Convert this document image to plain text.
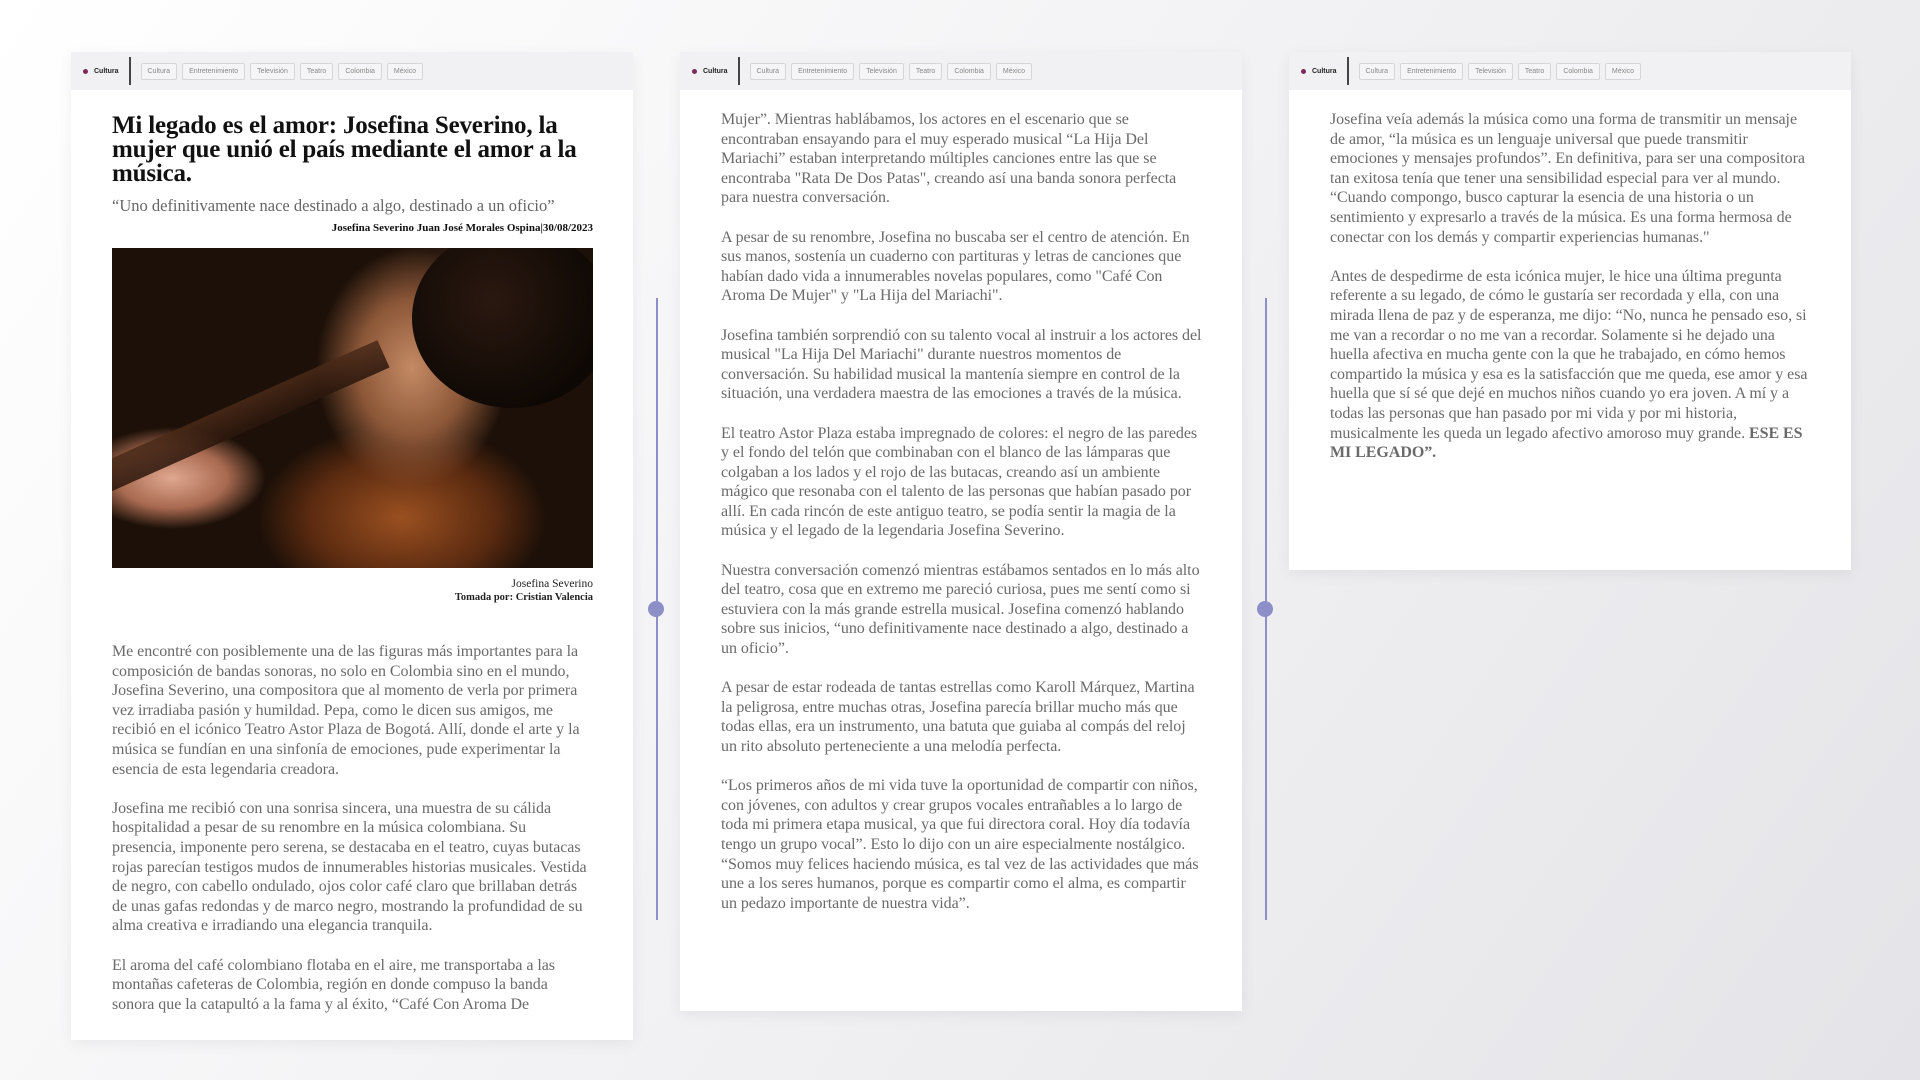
Cultura	Cultura	Entretenimiento	Televisión	Teatro	Colombia	México
Mi legado es el amor: Josefina Severino, la mujer que unió el país mediante el amor a la música.
“Uno definitivamente nace destinado a algo, destinado a un oficio”
Josefina Severino Juan José Morales Ospina|30/08/2023
Josefina Severino
Tomada por: Cristian Valencia

Me encontré con posiblemente una de las figuras más importantes para la composición de bandas sonoras, no solo en Colombia sino en el mundo, Josefina Severino, una compositora que al momento de verla por primera vez irradiaba pasión y humildad. Pepa, como le dicen sus amigos, me recibió en el icónico Teatro Astor Plaza de Bogotá. Allí, donde el arte y la música se fundían en una sinfonía de emociones, pude experimentar la esencia de esta legendaria creadora.

Josefina me recibió con una sonrisa sincera, una muestra de su cálida hospitalidad a pesar de su renombre en la música colombiana. Su presencia, imponente pero serena, se destacaba en el teatro, cuyas butacas rojas parecían testigos mudos de innumerables historias musicales. Vestida de negro, con cabello ondulado, ojos color café claro que brillaban detrás de unas gafas redondas y de marco negro, mostrando la profundidad de su alma creativa e irradiando una elegancia tranquila.

El aroma del café colombiano flotaba en el aire, me transportaba a las montañas cafeteras de Colombia, región en donde compuso la banda sonora que la catapultó a la fama y al éxito, “Café Con Aroma De

Cultura	Cultura	Entretenimiento	Televisión	Teatro	Colombia	México

Mujer”. Mientras hablábamos, los actores en el escenario que se encontraban ensayando para el muy esperado musical “La Hija Del Mariachi” estaban interpretando múltiples canciones entre las que se encontraba "Rata De Dos Patas", creando así una banda sonora perfecta para nuestra conversación.

A pesar de su renombre, Josefina no buscaba ser el centro de atención. En sus manos, sostenía un cuaderno con partituras y letras de canciones que habían dado vida a innumerables novelas populares, como "Café Con Aroma De Mujer" y "La Hija del Mariachi".

Josefina también sorprendió con su talento vocal al instruir a los actores del musical "La Hija Del Mariachi" durante nuestros momentos de conversación. Su habilidad musical la mantenía siempre en control de la situación, una verdadera maestra de las emociones a través de la música.

El teatro Astor Plaza estaba impregnado de colores: el negro de las paredes y el fondo del telón que combinaban con el blanco de las lámparas que colgaban a los lados y el rojo de las butacas, creando así un ambiente mágico que resonaba con el talento de las personas que habían pasado por allí. En cada rincón de este antiguo teatro, se podía sentir la magia de la música y el legado de la legendaria Josefina Severino.

Nuestra conversación comenzó mientras estábamos sentados en lo más alto del teatro, cosa que en extremo me pareció curiosa, pues me sentí como si estuviera con la más grande estrella musical. Josefina comenzó hablando sobre sus inicios, “uno definitivamente nace destinado a algo, destinado a un oficio”.

A pesar de estar rodeada de tantas estrellas como Karoll Márquez, Martina la peligrosa, entre muchas otras, Josefina parecía brillar mucho más que todas ellas, era un instrumento, una batuta que guiaba al compás del reloj un rito absoluto perteneciente a una melodía perfecta.

“Los primeros años de mi vida tuve la oportunidad de compartir con niños, con jóvenes, con adultos y crear grupos vocales entrañables a lo largo de toda mi primera etapa musical, ya que fui directora coral. Hoy día todavía tengo un grupo vocal”. Esto lo dijo con un aire especialmente nostálgico. “Somos muy felices haciendo música, es tal vez de las actividades que más une a los seres humanos, porque es compartir como el alma, es compartir un pedazo importante de nuestra vida”.

Cultura	Cultura	Entretenimiento	Televisión	Teatro	Colombia	México

Josefina veía además la música como una forma de transmitir un mensaje de amor, “la música es un lenguaje universal que puede transmitir emociones y mensajes profundos”. En definitiva, para ser una compositora tan exitosa tenía que tener una sensibilidad especial para ver al mundo. “Cuando compongo, busco capturar la esencia de una historia o un sentimiento y expresarlo a través de la música. Es una forma hermosa de conectar con los demás y compartir experiencias humanas."

Antes de despedirme de esta icónica mujer, le hice una última pregunta referente a su legado, de cómo le gustaría ser recordada y ella, con una mirada llena de paz y de esperanza, me dijo: “No, nunca he pensado eso, si me van a recordar o no me van a recordar. Solamente si he dejado una huella afectiva en mucha gente con la que he trabajado, en cómo hemos compartido la música y esa es la satisfacción que me queda, ese amor y esa huella que sí sé que dejé en muchos niños cuando yo era joven. A mí y a todas las personas que han pasado por mi vida y por mi historia, musicalmente les queda un legado afectivo amoroso muy grande. ESE ES MI LEGADO”.
